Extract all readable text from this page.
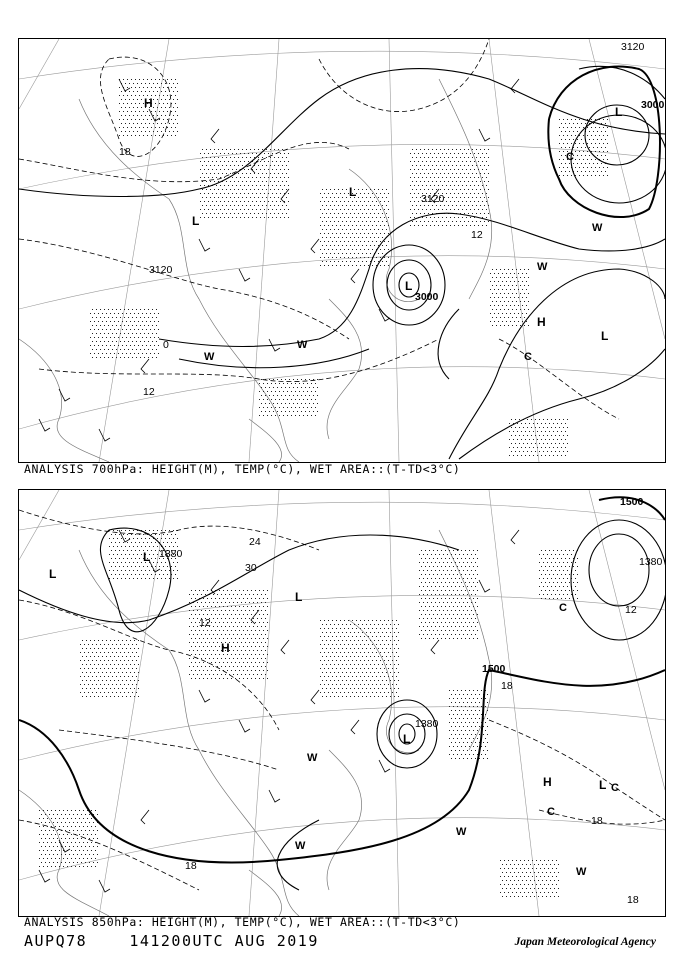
H
L
L
L
H
L
C
W
W
L
W
W
C
3120
3000
3000
3120
3120
18
12
12
0
ANALYSIS 700hPa: HEIGHT(M), TEMP(°C), WET AREA::(T-TD<3°C)
L
L
H
L
L
H	L C
W
W
W
W
C
C
1500
1500
1380
1380
1380
24
30
12
18
18
18
12
18
ANALYSIS 850hPa: HEIGHT(M), TEMP(°C), WET AREA::(T-TD<3°C)
AUPQ78	141200UTC AUG 2019	Japan Meteorological Agency
